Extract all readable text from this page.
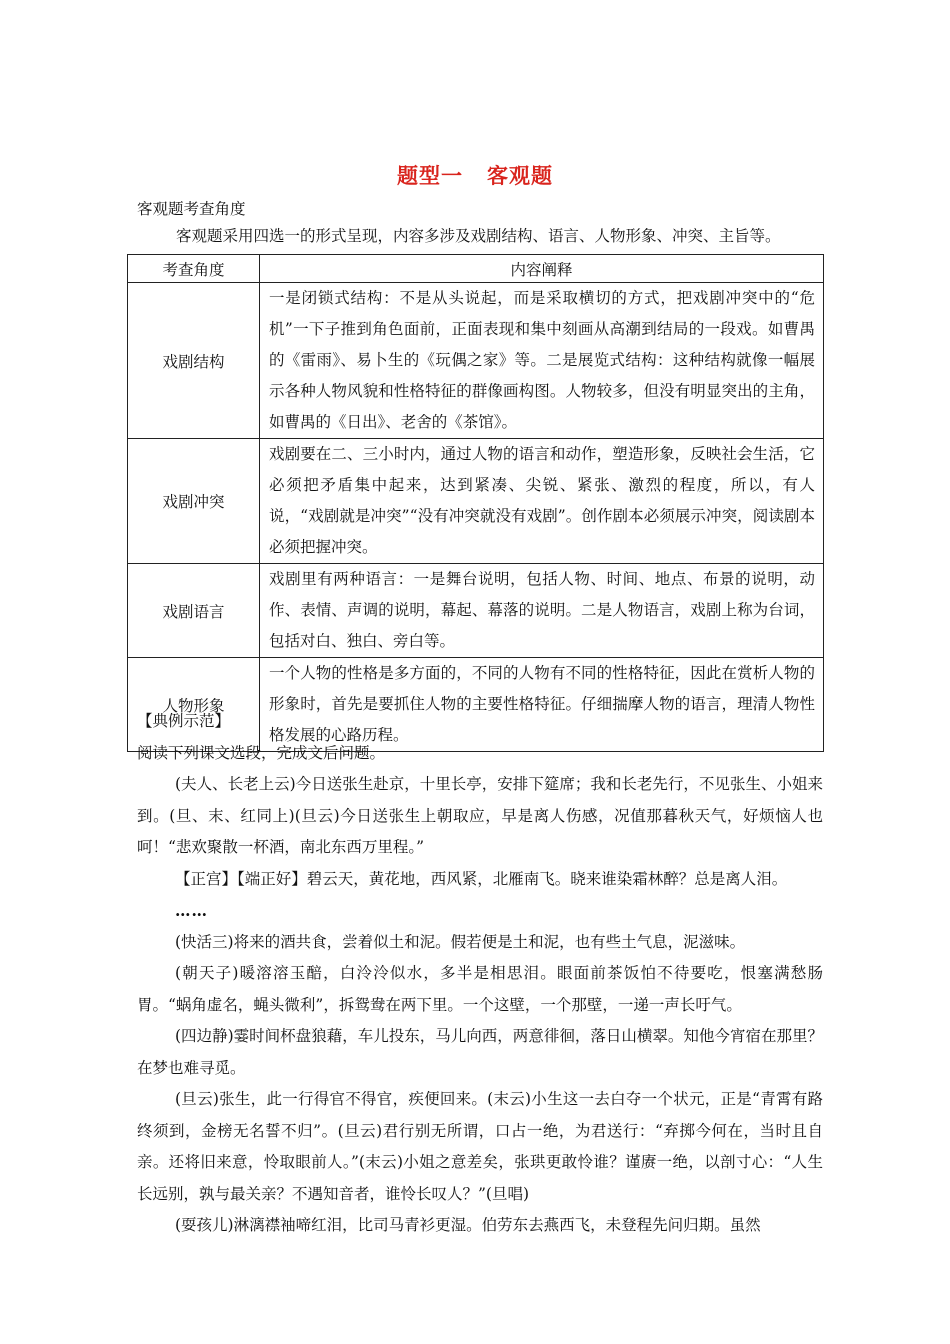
题型一 客观题
客观题考查角度
客观题采用四选一的形式呈现，内容多涉及戏剧结构、语言、人物形象、冲突、主旨等。
考查角度	内容阐释
戏剧结构	一是闭锁式结构：不是从头说起，而是采取横切的方式，把戏剧冲突中的“危机”一下子推到角色面前，正面表现和集中刻画从高潮到结局的一段戏。如曹禺的《雷雨》、易卜生的《玩偶之家》等。二是展览式结构：这种结构就像一幅展示各种人物风貌和性格特征的群像画构图。人物较多，但没有明显突出的主角，如曹禺的《日出》、老舍的《茶馆》。
戏剧冲突	戏剧要在二、三小时内，通过人物的语言和动作，塑造形象，反映社会生活，它必须把矛盾集中起来，达到紧凑、尖锐、紧张、激烈的程度，所以，有人说，“戏剧就是冲突”“没有冲突就没有戏剧”。创作剧本必须展示冲突，阅读剧本必须把握冲突。
戏剧语言	戏剧里有两种语言：一是舞台说明，包括人物、时间、地点、布景的说明，动作、表情、声调的说明，幕起、幕落的说明。二是人物语言，戏剧上称为台词，包括对白、独白、旁白等。
人物形象	一个人物的性格是多方面的，不同的人物有不同的性格特征，因此在赏析人物的形象时，首先是要抓住人物的主要性格特征。仔细揣摩人物的语言，理清人物性格发展的心路历程。

【典例示范】

阅读下列课文选段，完成文后问题。

(夫人、长老上云)今日送张生赴京，十里长亭，安排下筵席；我和长老先行，不见张生、小姐来到。(旦、末、红同上)(旦云)今日送张生上朝取应，早是离人伤感，况值那暮秋天气，好烦恼人也呵！“悲欢聚散一杯酒，南北东西万里程。”

【正宫】【端正好】碧云天，黄花地，西风紧，北雁南飞。晓来谁染霜林醉？总是离人泪。

……

(快活三)将来的酒共食，尝着似土和泥。假若便是土和泥，也有些土气息，泥滋味。

(朝天子)暖溶溶玉醅，白泠泠似水，多半是相思泪。眼面前茶饭怕不待要吃，恨塞满愁肠胃。“蜗角虚名，蝇头微利”，拆鸳鸯在两下里。一个这壁，一个那壁，一递一声长吁气。

(四边静)霎时间杯盘狼藉，车儿投东，马儿向西，两意徘徊，落日山横翠。知他今宵宿在那里？在梦也难寻觅。

(旦云)张生，此一行得官不得官，疾便回来。(末云)小生这一去白夺一个状元，正是“青霄有路终须到，金榜无名誓不归”。(旦云)君行别无所谓，口占一绝，为君送行：“弃掷今何在，当时且自亲。还将旧来意，怜取眼前人。”(末云)小姐之意差矣，张珙更敢怜谁？谨赓一绝，以剖寸心：“人生长远别，孰与最关亲？不遇知音者，谁怜长叹人？”(旦唱)

(耍孩儿)淋漓襟袖啼红泪，比司马青衫更湿。伯劳东去燕西飞，未登程先问归期。虽然
